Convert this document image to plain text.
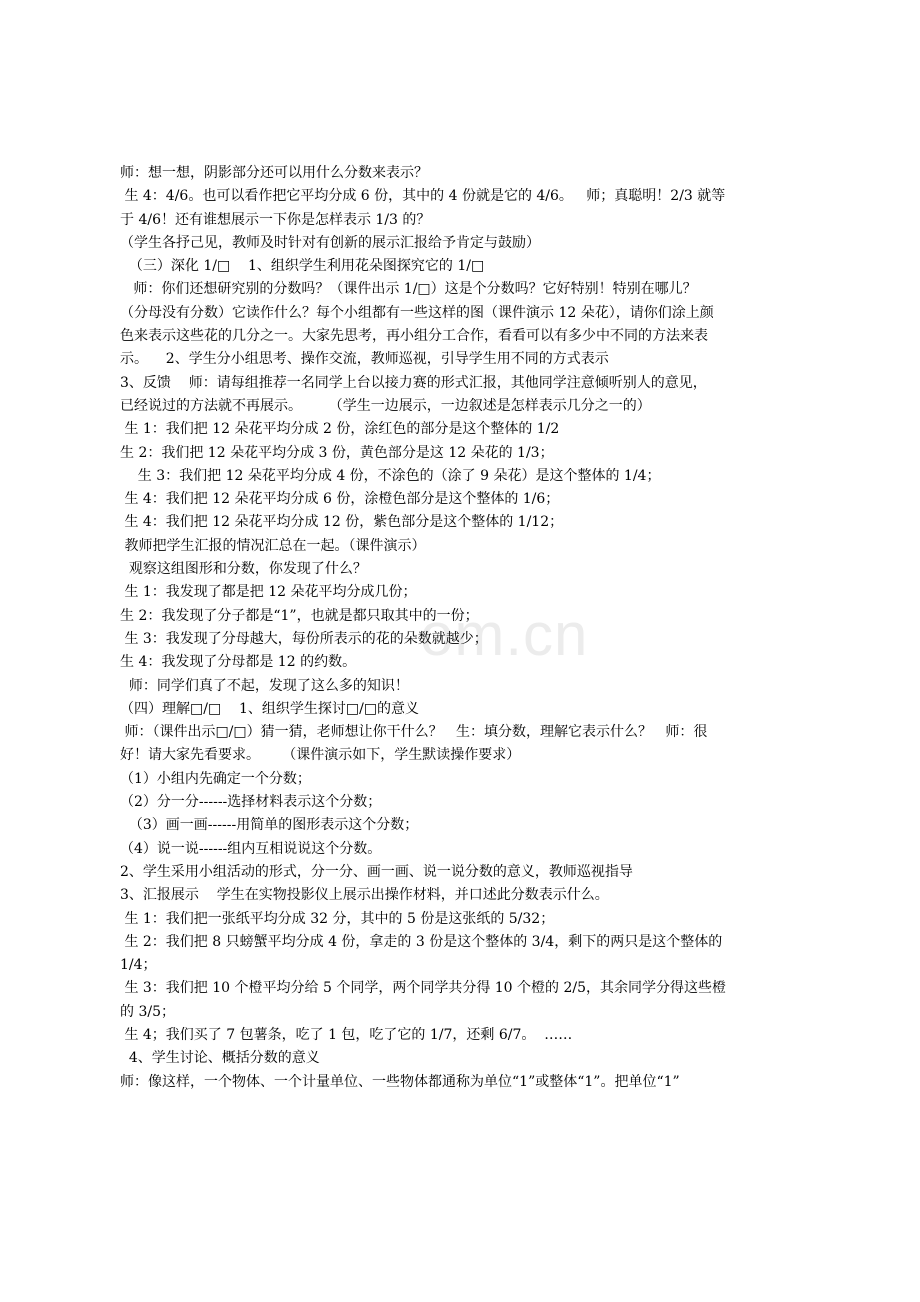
om.cn
师：想一想，阴影部分还可以用什么分数来表示？
生 4：4/6。也可以看作把它平均分成 6 份，其中的 4 份就是它的 4/6。   师；真聪明！2/3 就等
于 4/6！还有谁想展示一下你是怎样表示 1/3 的？
（学生各抒己见，教师及时针对有创新的展示汇报给予肯定与鼓励）
（三）深化 1/□    1、组织学生利用花朵图探究它的 1/□
师：你们还想研究别的分数吗？（课件出示 1/□）这是个分数吗？它好特别！特别在哪儿？
（分母没有分数）它读作什么？每个小组都有一些这样的图（课件演示 12 朵花），请你们涂上颜
色来表示这些花的几分之一。大家先思考，再小组分工合作，看看可以有多少中不同的方法来表
示。    2、学生分小组思考、操作交流，教师巡视，引导学生用不同的方式表示
3、反馈    师：请每组推荐一名同学上台以接力赛的形式汇报，其他同学注意倾听别人的意见，
已经说过的方法就不再展示。      （学生一边展示，一边叙述是怎样表示几分之一的）
生 1：我们把 12 朵花平均分成 2 份，涂红色的部分是这个整体的 1/2
生 2：我们把 12 朵花平均分成 3 份，黄色部分是这 12 朵花的 1/3；
生 3：我们把 12 朵花平均分成 4 份，不涂色的（涂了 9 朵花）是这个整体的 1/4；
生 4：我们把 12 朵花平均分成 6 份，涂橙色部分是这个整体的 1/6；
生 4：我们把 12 朵花平均分成 12 份，紫色部分是这个整体的 1/12；
教师把学生汇报的情况汇总在一起。（课件演示）
观察这组图形和分数，你发现了什么？
生 1：我发现了都是把 12 朵花平均分成几份；
生 2：我发现了分子都是“1”，也就是都只取其中的一份；
生 3：我发现了分母越大，每份所表示的花的朵数就越少；
生 4：我发现了分母都是 12 的约数。
师：同学们真了不起，发现了这么多的知识！
（四）理解□/□    1、组织学生探讨□/□的意义
师：（课件出示□/□）猜一猜，老师想让你干什么？   生：填分数，理解它表示什么？   师：很
好！请大家先看要求。     （课件演示如下，学生默读操作要求）
（1）小组内先确定一个分数；
（2）分一分------选择材料表示这个分数；
（3）画一画------用简单的图形表示这个分数；
（4）说一说------组内互相说说这个分数。
2、学生采用小组活动的形式，分一分、画一画、说一说分数的意义，教师巡视指导
3、汇报展示    学生在实物投影仪上展示出操作材料，并口述此分数表示什么。
生 1：我们把一张纸平均分成 32 分，其中的 5 份是这张纸的 5/32；
生 2：我们把 8 只螃蟹平均分成 4 份，拿走的 3 份是这个整体的 3/4，剩下的两只是这个整体的
1/4；
生 3：我们把 10 个橙平均分给 5 个同学，两个同学共分得 10 个橙的 2/5，其余同学分得这些橙
的 3/5；
生 4；我们买了 7 包薯条，吃了 1 包，吃了它的 1/7，还剩 6/7。  ……
4、学生讨论、概括分数的意义
师：像这样，一个物体、一个计量单位、一些物体都通称为单位“1”或整体“1”。把单位“1”
